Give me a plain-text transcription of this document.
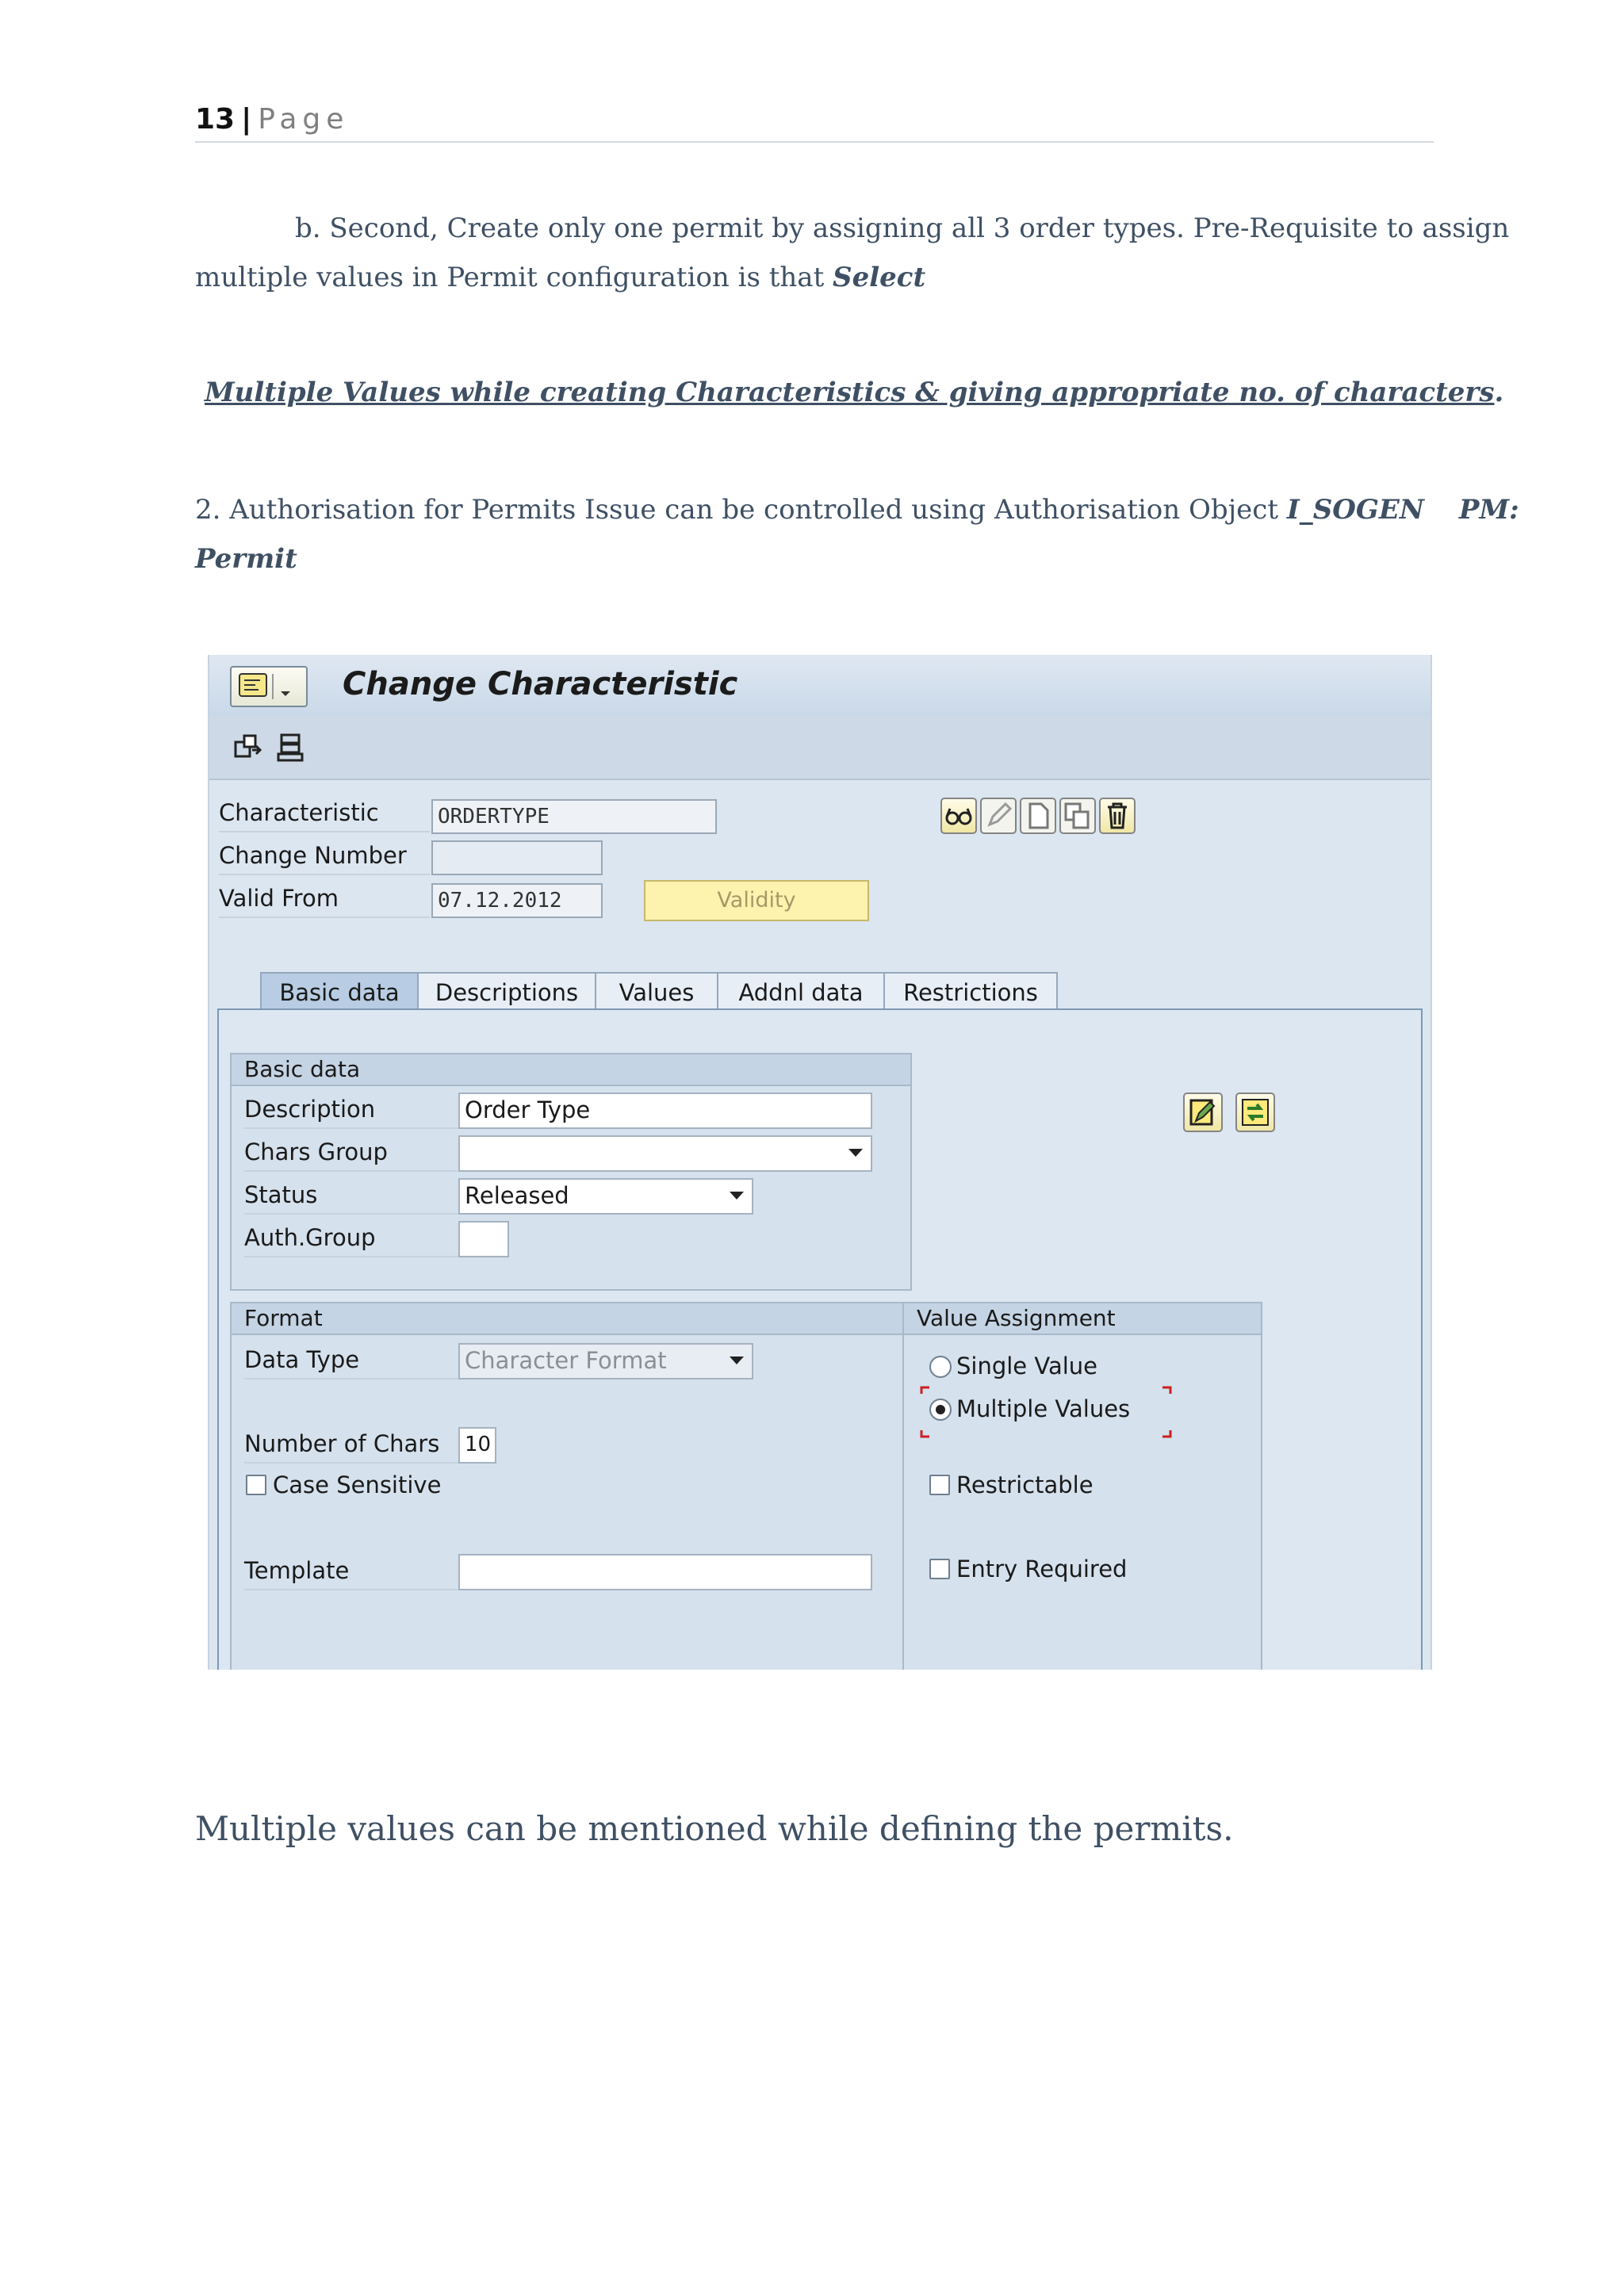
13 | Page
b. Second, Create only one permit by assigning all 3 order types. Pre-Requisite to assign
multiple values in Permit configuration is that Select
Multiple Values while creating Characteristics & giving appropriate no. of characters.
2. Authorisation for Permits Issue can be controlled using Authorisation Object I_SOGEN PM:
Permit
Change Characteristic
Characteristic	ORDERTYPE
Change Number
Valid From	07.12.2012	Validity
Basic data	Descriptions	Values	Addnl data	Restrictions
Basic data
Description	Order Type
Chars Group
Status	Released
Auth.Group
Format
Data Type	Character Format
Number of Chars	10
Case Sensitive
Template
Value Assignment
Single Value
Multiple Values
Restrictable
Entry Required
Multiple values can be mentioned while defining the permits.
